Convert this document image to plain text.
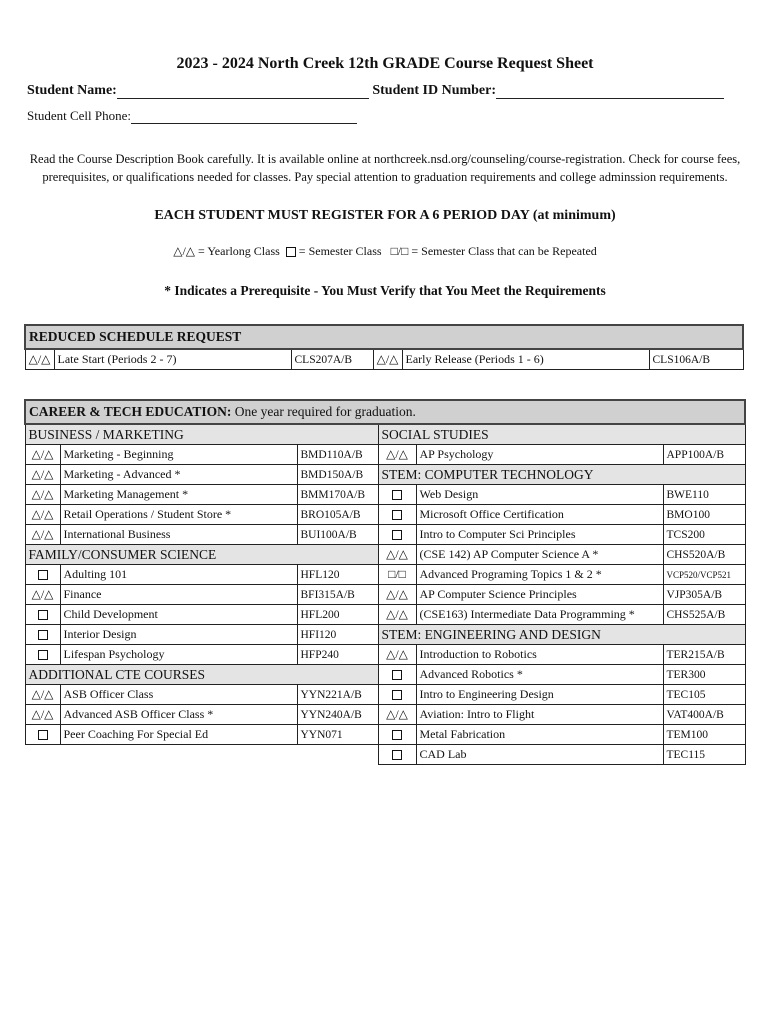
2023 - 2024 North Creek 12th GRADE Course Request Sheet
Student Name:	Student ID Number:
Student Cell Phone:
Read the Course Description Book carefully. It is available online at northcreek.nsd.org/counseling/course-registration. Check for course fees, prerequisites, or qualifications needed for classes. Pay special attention to graduation requirements and college adminssion requirements.
EACH STUDENT MUST REGISTER FOR A 6 PERIOD DAY (at minimum)
△/△ = Yearlong Class   = Semester Class □/□ = Semester Class that can be Repeated
* Indicates a Prerequisite - You Must Verify that You Meet the Requirements
REDUCED SCHEDULE REQUEST
△/△	Late Start (Periods 2 - 7)	CLS207A/B	△/△	Early Release (Periods 1 - 6)	CLS106A/B
CAREER & TECH EDUCATION: One year required for graduation.					
BUSINESS / MARKETING			SOCIAL STUDIES		
△/△	Marketing - Beginning	BMD110A/B	△/△	AP Psychology	APP100A/B
△/△	Marketing - Advanced *	BMD150A/B	STEM: COMPUTER TECHNOLOGY		
△/△	Marketing Management *	BMM170A/B		Web Design	BWE110
△/△	Retail Operations / Student Store *	BRO105A/B		Microsoft Office Certification	BMO100
△/△	International Business	BUI100A/B		Intro to Computer Sci Principles	TCS200
FAMILY/CONSUMER SCIENCE			△/△	(CSE 142) AP Computer Science A *	CHS520A/B
	Adulting 101	HFL120	□/□	Advanced Programing Topics 1 & 2 *	VCP520/VCP521
△/△	Finance	BFI315A/B	△/△	AP Computer Science Principles	VJP305A/B
	Child Development	HFL200	△/△	(CSE163) Intermediate Data Programming *	CHS525A/B
	Interior Design	HFI120	STEM: ENGINEERING AND DESIGN		
	Lifespan Psychology	HFP240	△/△	Introduction to Robotics	TER215A/B
ADDITIONAL CTE COURSES				Advanced Robotics *	TER300
△/△	ASB Officer Class	YYN221A/B		Intro to Engineering Design	TEC105
△/△	Advanced ASB Officer Class *	YYN240A/B	△/△	Aviation: Intro to Flight	VAT400A/B
	Peer Coaching For Special Ed	YYN071		Metal Fabrication	TEM100
				CAD Lab	TEC115
